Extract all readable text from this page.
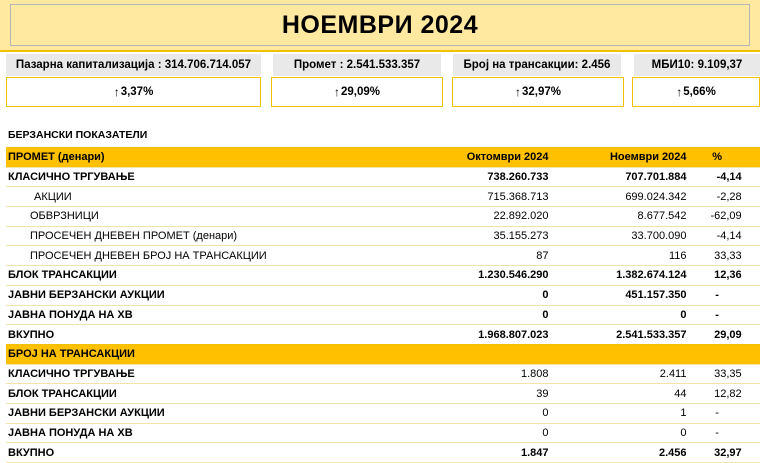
НОЕМВРИ 2024
Пазарна капитализација : 314.706.714.057	Промет : 2.541.533.357	Број на трансакции: 2.456	МБИ10: 9.109,37
↑ 3,37%	↑ 29,09%	↑ 32,97%	↑ 5,66%
БЕРЗАНСКИ ПОКАЗАТЕЛИ
ПРОМЕТ (денари)	Октомври 2024	Ноември 2024	%	
КЛАСИЧНО ТРГУВАЊЕ	738.260.733	707.701.884	-4,14	
АКЦИИ	715.368.713	699.024.342	-2,28	
ОБВРЗНИЦИ	22.892.020	8.677.542	-62,09	
ПРОСЕЧЕН ДНЕВЕН ПРОМЕТ (денари)	35.155.273	33.700.090	-4,14	
ПРОСЕЧЕН ДНЕВЕН БРОЈ НА ТРАНСАКЦИИ	87	116	33,33	
БЛОК ТРАНСАКЦИИ	1.230.546.290	1.382.674.124	12,36	
ЈАВНИ БЕРЗАНСКИ АУКЦИИ	0	451.157.350	-	
ЈАВНА ПОНУДА НА ХВ	0	0	-	
ВКУПНО	1.968.807.023	2.541.533.357	29,09	
БРОЈ НА ТРАНСАКЦИИ				
КЛАСИЧНО ТРГУВАЊЕ	1.808	2.411	33,35	
БЛОК ТРАНСАКЦИИ	39	44	12,82	
ЈАВНИ БЕРЗАНСКИ АУКЦИИ	0	1	-	
ЈАВНА ПОНУДА НА ХВ	0	0	-	
ВКУПНО	1.847	2.456	32,97	
